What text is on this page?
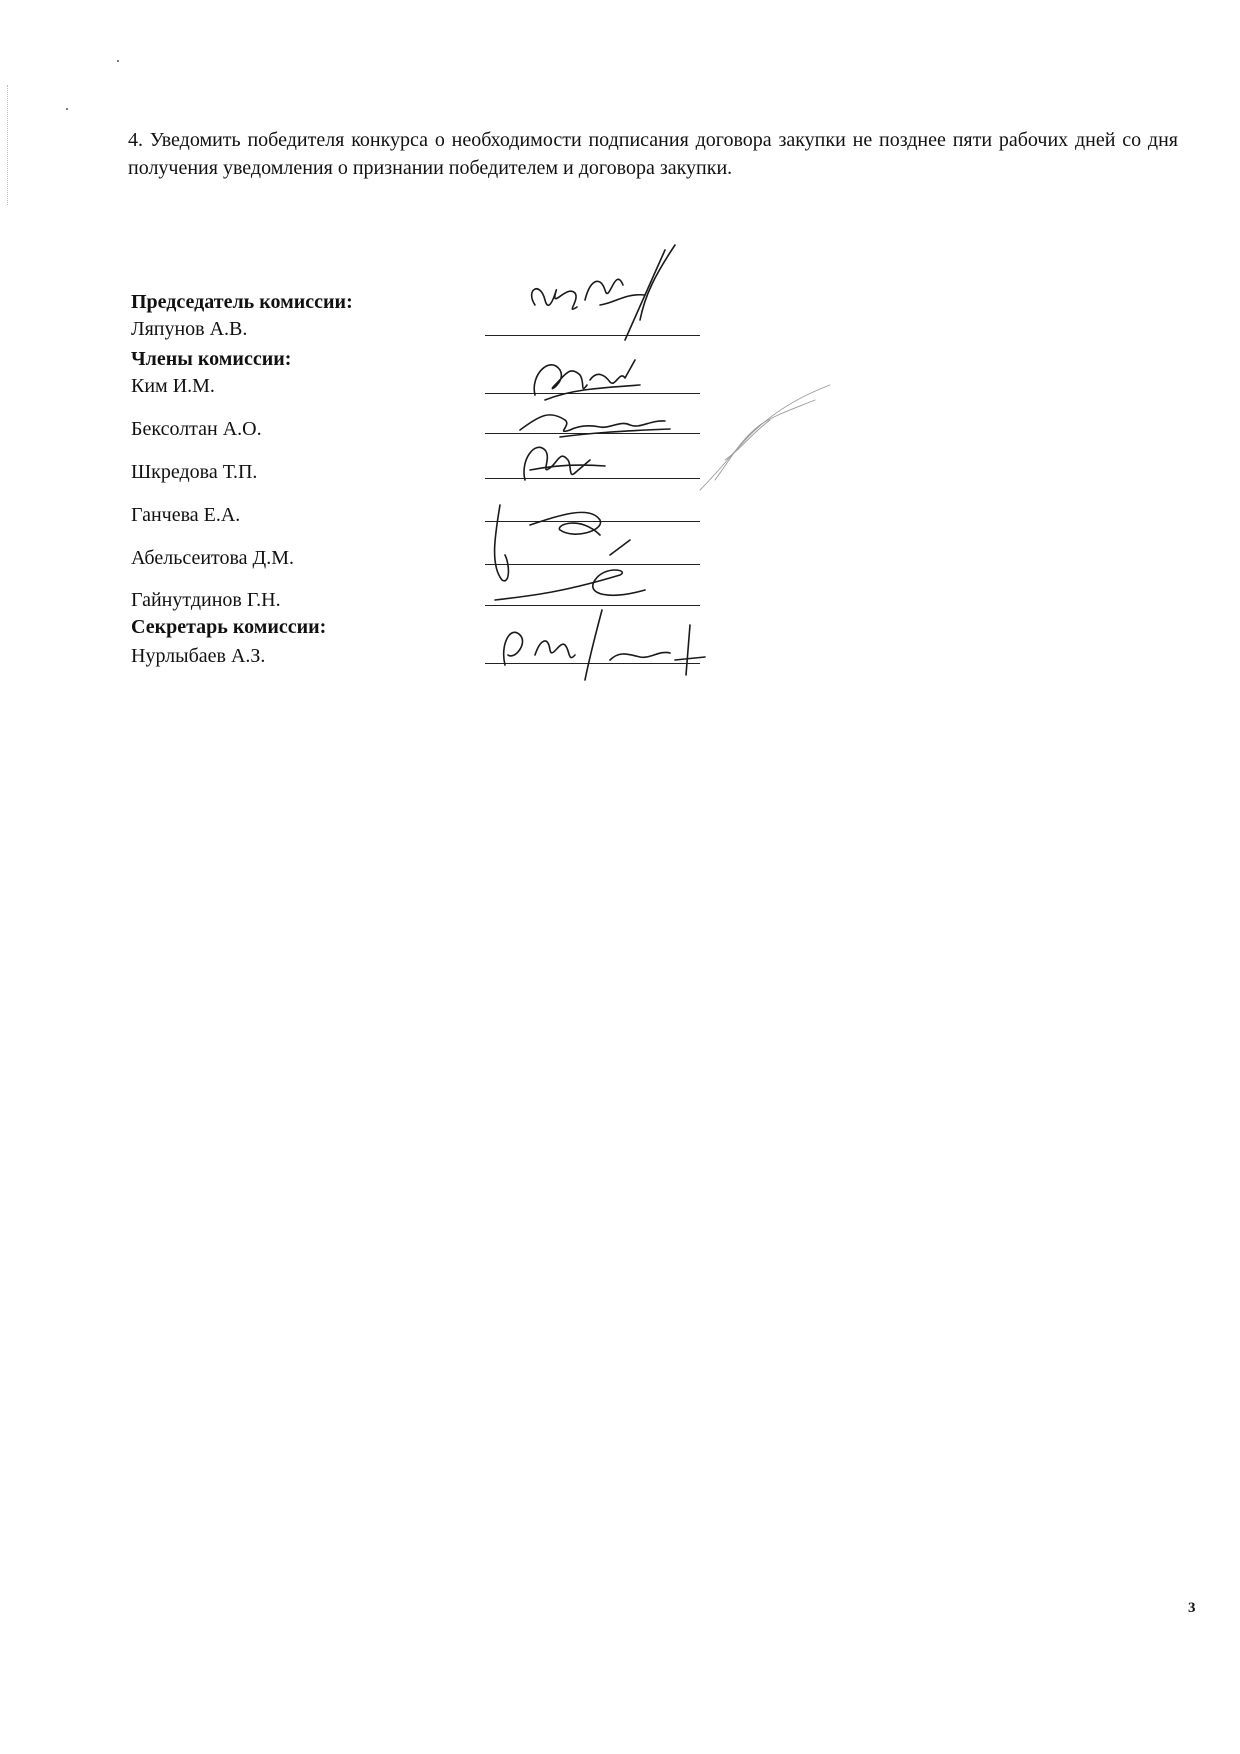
4. Уведомить победителя конкурса о необходимости подписания договора закупки не позднее пяти рабочих дней со дня получения уведомления о признании победителем и договора закупки.

Председатель комиссии:
Ляпунов А.В.
Члены комиссии:
Ким И.М.
Бексолтан А.О.
Шкредова Т.П.
Ганчева Е.А.
Абельсеитова Д.М.
Гайнутдинов Г.Н.
Секретарь комиссии:
Нурлыбаев А.З.
3
